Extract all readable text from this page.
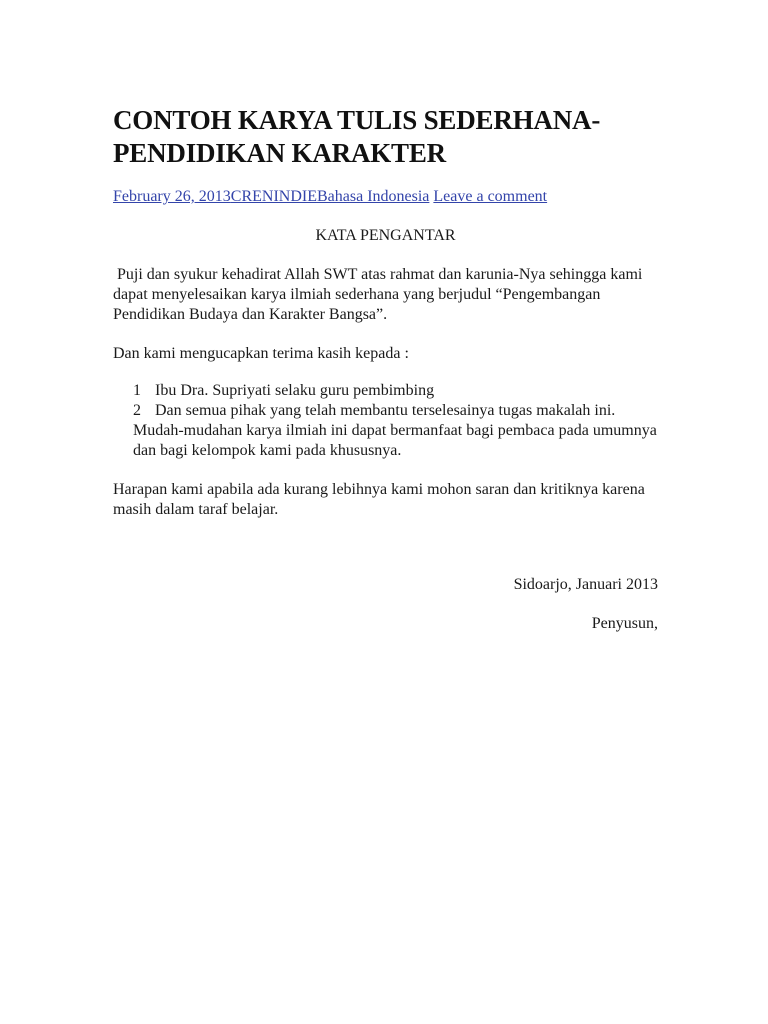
CONTOH KARYA TULIS SEDERHANA-PENDIDIKAN KARAKTER
February 26, 2013CRENINDIEBahasa Indonesia Leave a comment
KATA PENGANTAR
Puji dan syukur kehadirat Allah SWT atas rahmat dan karunia-Nya sehingga kami dapat menyelesaikan karya ilmiah sederhana yang berjudul “Pengembangan Pendidikan Budaya dan Karakter Bangsa”.
Dan kami mengucapkan terima kasih kepada :
1 Ibu Dra. Supriyati selaku guru pembimbing
2 Dan semua pihak yang telah membantu terselesainya tugas makalah ini.
Mudah-mudahan karya ilmiah ini dapat bermanfaat bagi pembaca pada umumnya dan bagi kelompok kami pada khususnya.
Harapan kami apabila ada kurang lebihnya kami mohon saran dan kritiknya karena masih dalam taraf belajar.
Sidoarjo, Januari 2013
Penyusun,
